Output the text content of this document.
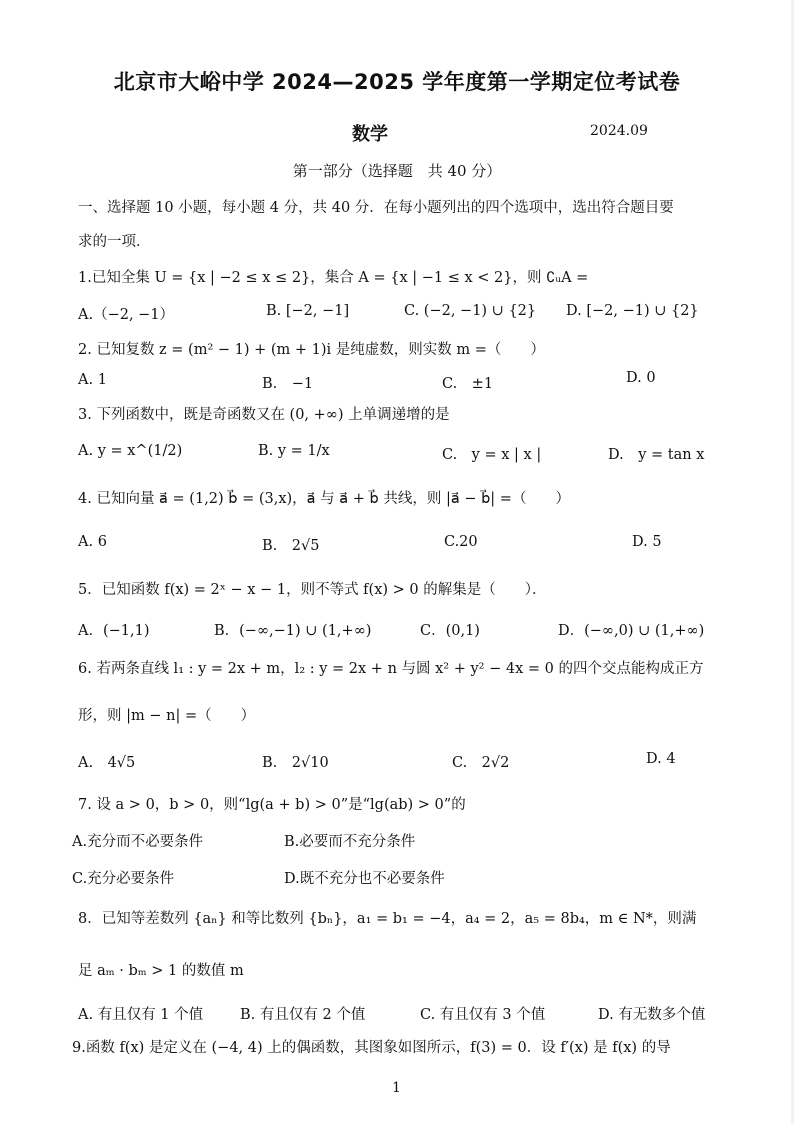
北京市大峪中学 2024—2025 学年度第一学期定位考试卷
数学	2024.09
第一部分（选择题　共 40 分）
一、选择题 10 小题，每小题 4 分，共 40 分．在每小题列出的四个选项中，选出符合题目要
求的一项．
1.已知全集 U = {x | −2 ≤ x ≤ 2}，集合 A = {x | −1 ≤ x < 2}，则 ∁ᵤA =
A.（−2, −1）	B. [−2, −1]	C. (−2, −1) ∪ {2} D. [−2, −1) ∪ {2}
2. 已知复数 z = (m² − 1) + (m + 1)i 是纯虚数，则实数 m =（　　）
A. 1	B.　−1	C.　±1	D. 0
3. 下列函数中，既是奇函数又在 (0, +∞) 上单调递增的是
A. y = x^(1/2)	B. y = 1/x	C.　y = x | x |	D.　y = tan x
4. 已知向量 a⃗ = (1,2) b⃗ = (3,x)，a⃗ 与 a⃗ + b⃗ 共线，则 |a⃗ − b⃗| =（　　）
A. 6	B.　2√5	C.20	D. 5
5．已知函数 f(x) = 2ˣ − x − 1，则不等式 f(x) > 0 的解集是（　　）．
A．(−1,1)	B．(−∞,−1) ∪ (1,+∞)	C．(0,1)	D．(−∞,0) ∪ (1,+∞)
6. 若两条直线 l₁ : y = 2x + m，l₂ : y = 2x + n 与圆 x² + y² − 4x = 0 的四个交点能构成正方
形，则 |m − n| =（　　）
A.　4√5	B.　2√10	C.　2√2	D. 4
7. 设 a > 0，b > 0，则“lg(a + b) > 0”是“lg(ab) > 0”的
A.充分而不必要条件	B.必要而不充分条件
C.充分必要条件	D.既不充分也不必要条件
8．已知等差数列 {aₙ} 和等比数列 {bₙ}，a₁ = b₁ = −4，a₄ = 2，a₅ = 8b₄，m ∈ N*，则满
足 aₘ · bₘ > 1 的数值 m
A. 有且仅有 1 个值	B. 有且仅有 2 个值	C. 有且仅有 3 个值	D. 有无数多个值
9.函数 f(x) 是定义在 (−4, 4) 上的偶函数，其图象如图所示，f(3) = 0．设 f′(x) 是 f(x) 的导
1
